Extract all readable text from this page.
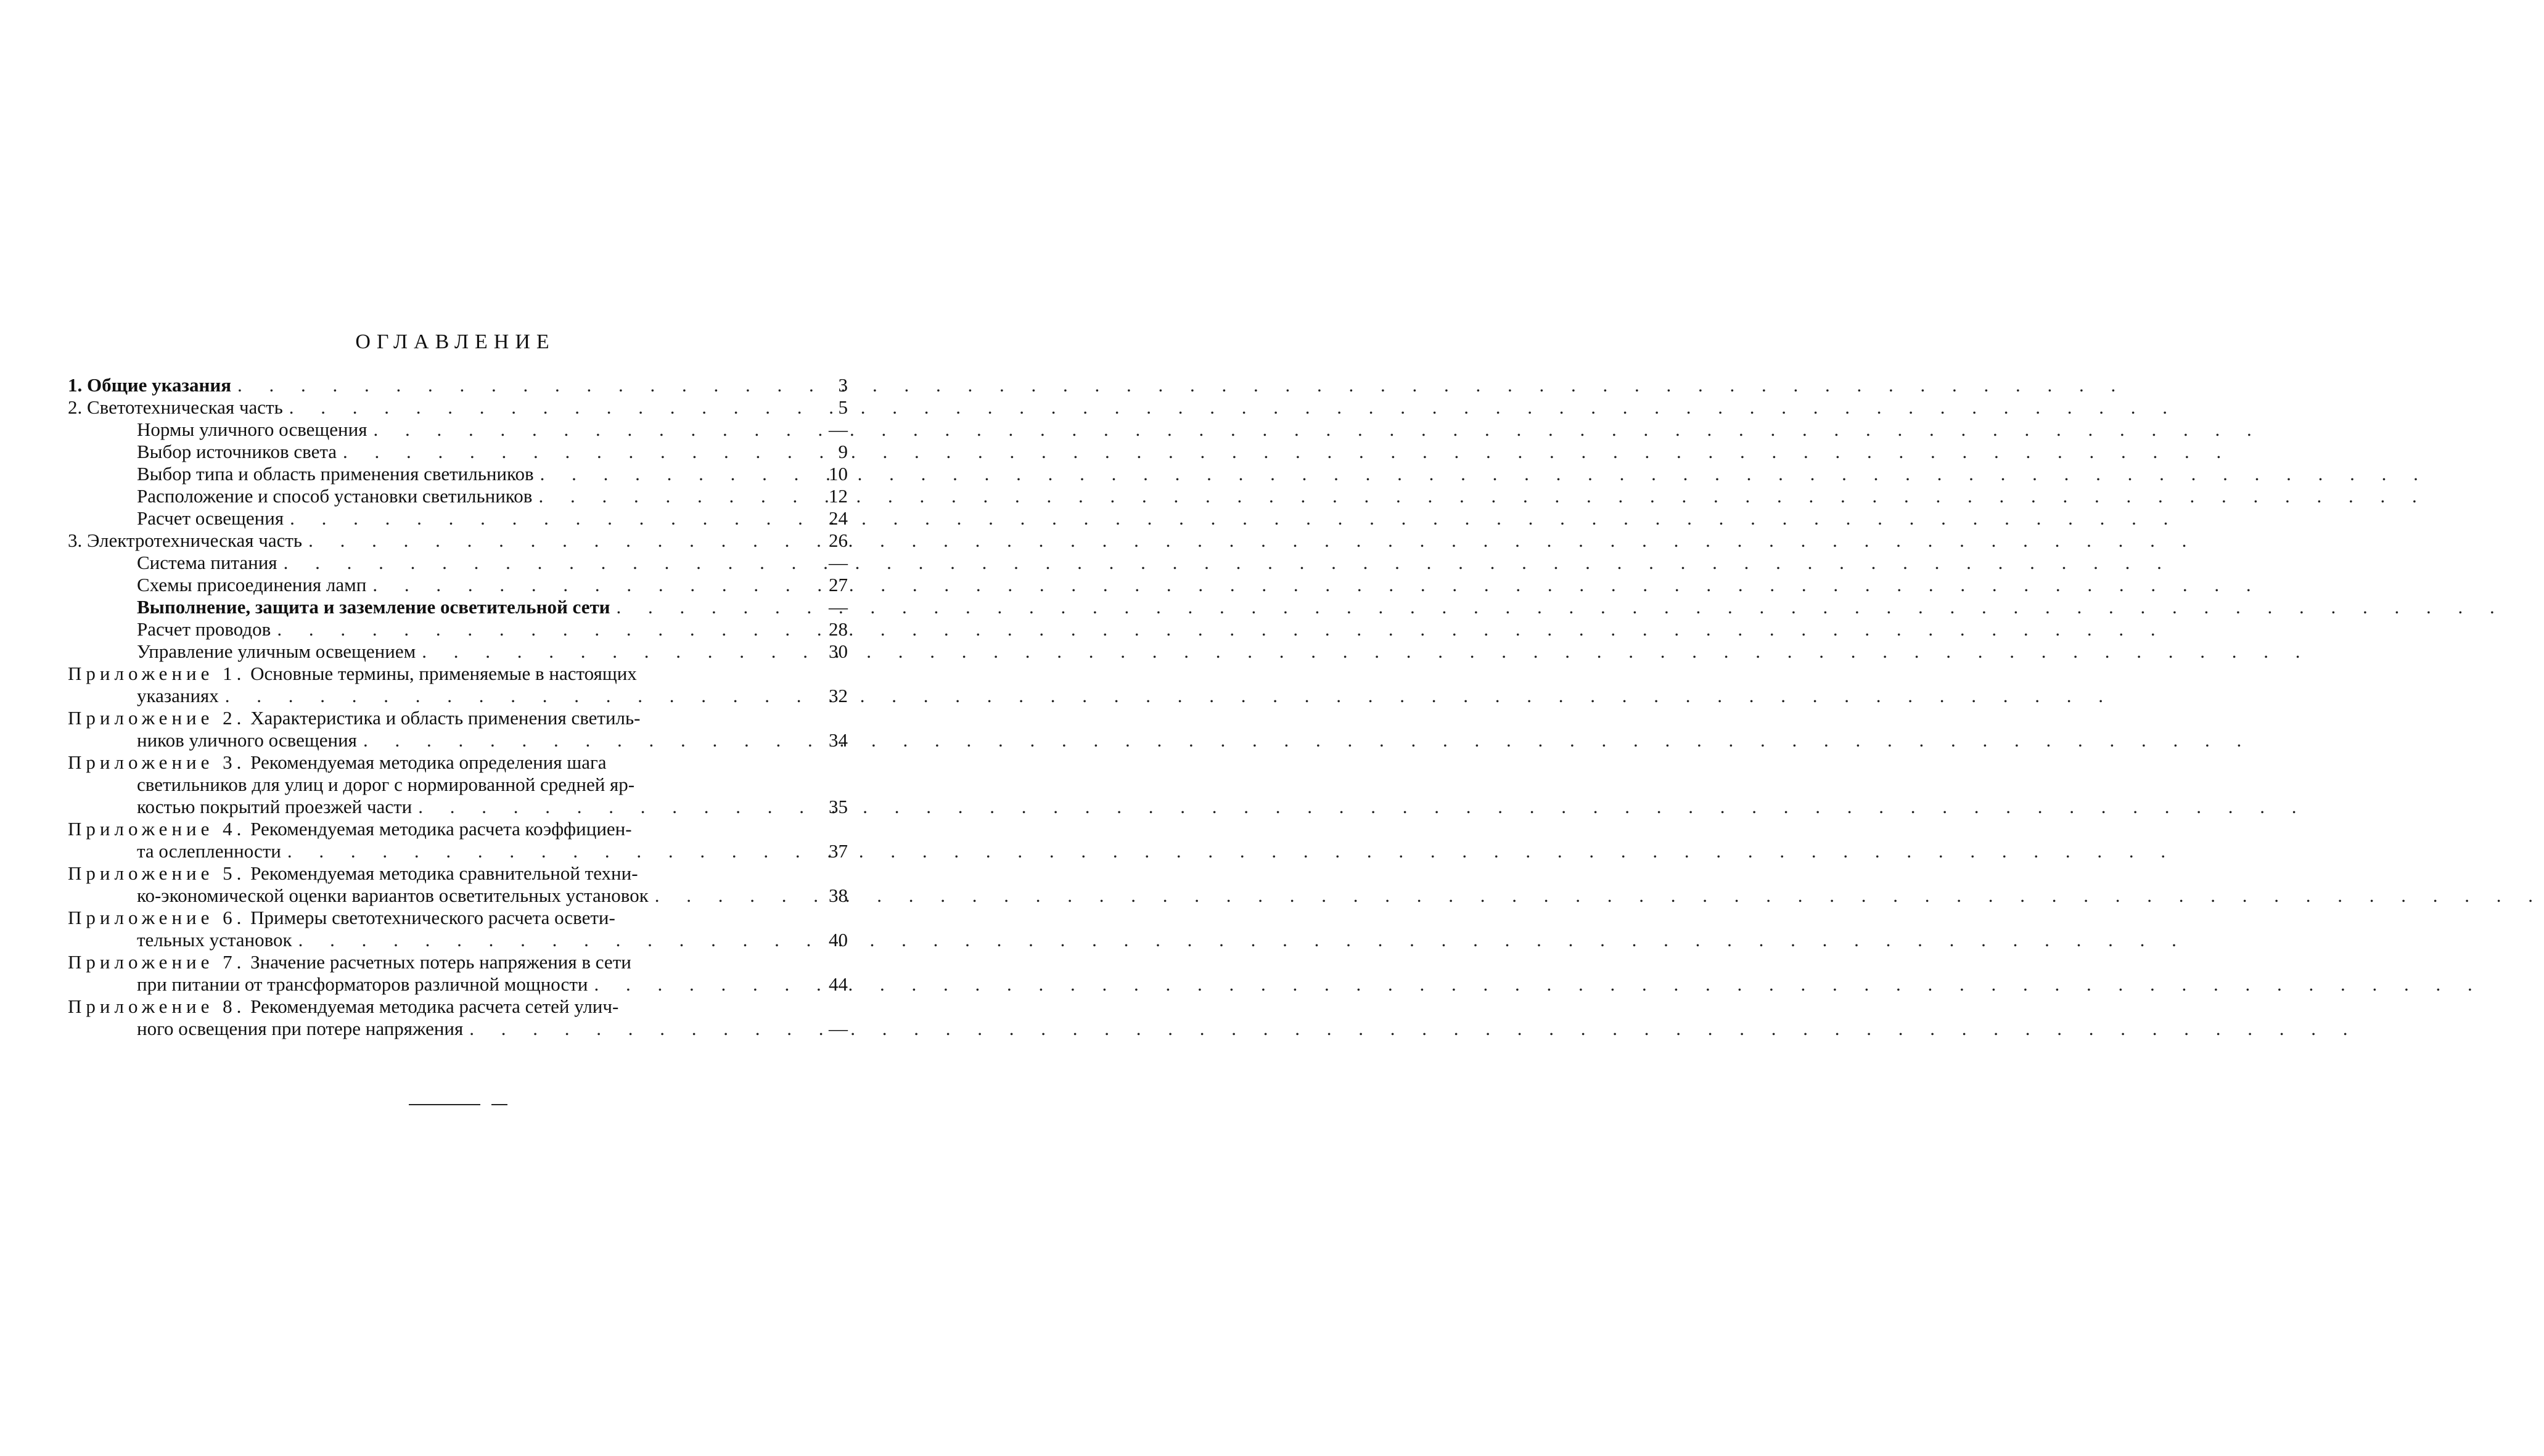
ОГЛАВЛЕНИЕ
1. Общие указания . . .	3
2. Светотехническая часть . . .	5
Нормы уличного освещения . . .	—
Выбор источников света . . .	9
Выбор типа и область применения светильников . . .	10
Расположение и способ установки светильников . . .	12
Расчет освещения . . .	24
3. Электротехническая часть . . .	26
Система питания . . .	—
Схемы присоединения ламп . . .	27
Выполнение, защита и заземление осветительной сети . . .	—
Расчет проводов . . .	28
Управление уличным освещением . . .	30
Приложение 1. Основные термины, применяемые в настоящих
указаниях . . .	32
Приложение 2. Характеристика и область применения светиль-
ников уличного освещения . . .	34
Приложение 3. Рекомендуемая методика определения шага
светильников для улиц и дорог с нормированной средней яр-
костью покрытий проезжей части . . .	35
Приложение 4. Рекомендуемая методика расчета коэффициен-
та ослепленности . . .	37
Приложение 5. Рекомендуемая методика сравнительной техни-
ко-экономической оценки вариантов осветительных установок . . .	38
Приложение 6. Примеры светотехнического расчета освети-
тельных установок . . .	40
Приложение 7. Значение расчетных потерь напряжения в сети
при питании от трансформаторов различной мощности . . .	44
Приложение 8. Рекомендуемая методика расчета сетей улич-
ного освещения при потере напряжения . . .	—
